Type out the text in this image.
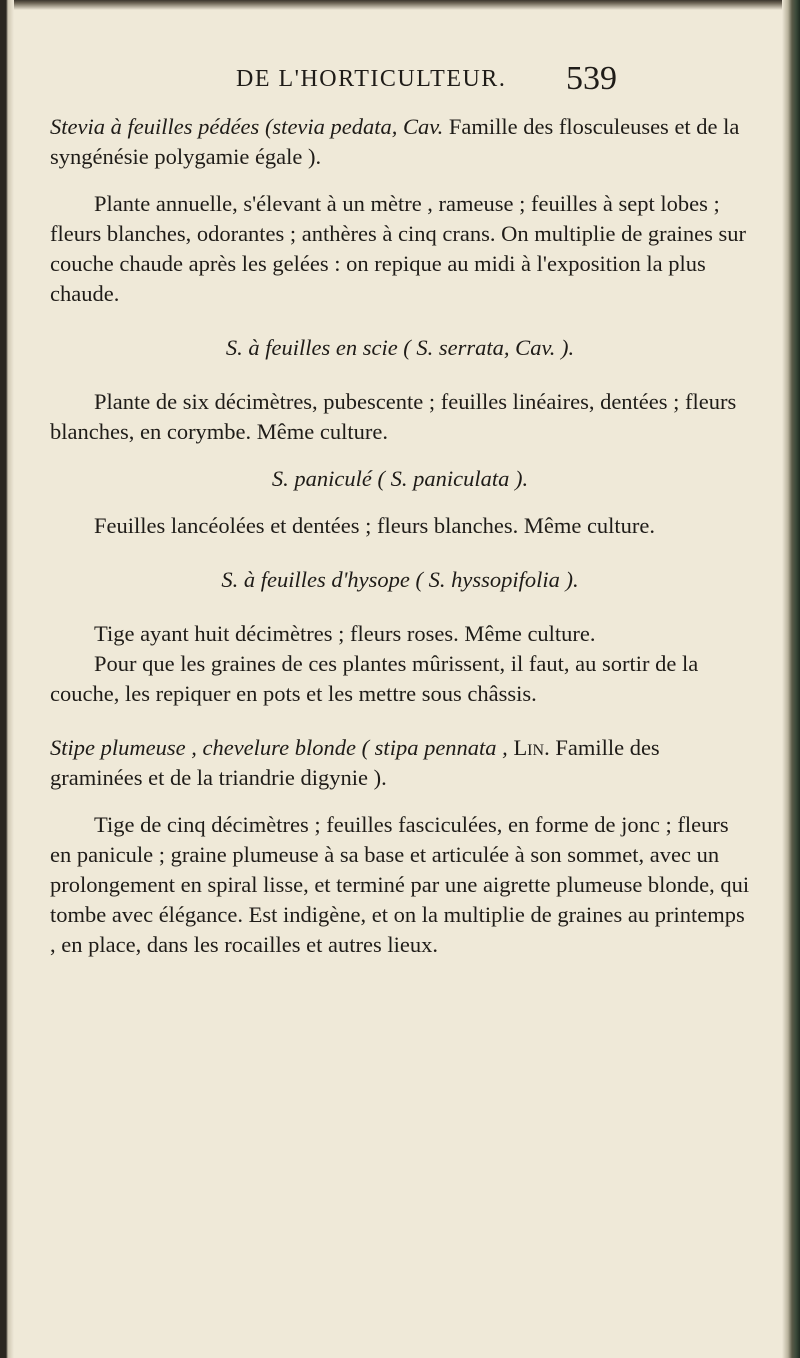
DE L'HORTICULTEUR. 539

Stevia à feuilles pédées (stevia pedata, Cav. Famille des flosculeuses et de la syngénésie polygamie égale ).

Plante annuelle, s'élevant à un mètre , rameuse ; feuilles à sept lobes ; fleurs blanches, odorantes ; anthères à cinq crans. On multiplie de graines sur couche chaude après les gelées : on repique au midi à l'exposition la plus chaude.

S. à feuilles en scie ( S. serrata, Cav. ).

Plante de six décimètres, pubescente ; feuilles linéaires, dentées ; fleurs blanches, en corymbe. Même culture.

S. paniculé ( S. paniculata ).

Feuilles lancéolées et dentées ; fleurs blanches. Même culture.

S. à feuilles d'hysope ( S. hyssopifolia ).

Tige ayant huit décimètres ; fleurs roses. Même culture.

Pour que les graines de ces plantes mûrissent, il faut, au sortir de la couche, les repiquer en pots et les mettre sous châssis.

Stipe plumeuse , chevelure blonde ( stipa pennata , Lin. Famille des graminées et de la triandrie digynie ).

Tige de cinq décimètres ; feuilles fasciculées, en forme de jonc ; fleurs en panicule ; graine plumeuse à sa base et articulée à son sommet, avec un prolongement en spiral lisse, et terminé par une aigrette plumeuse blonde, qui tombe avec élégance. Est indigène, et on la multiplie de graines au printemps , en place, dans les rocailles et autres lieux.
